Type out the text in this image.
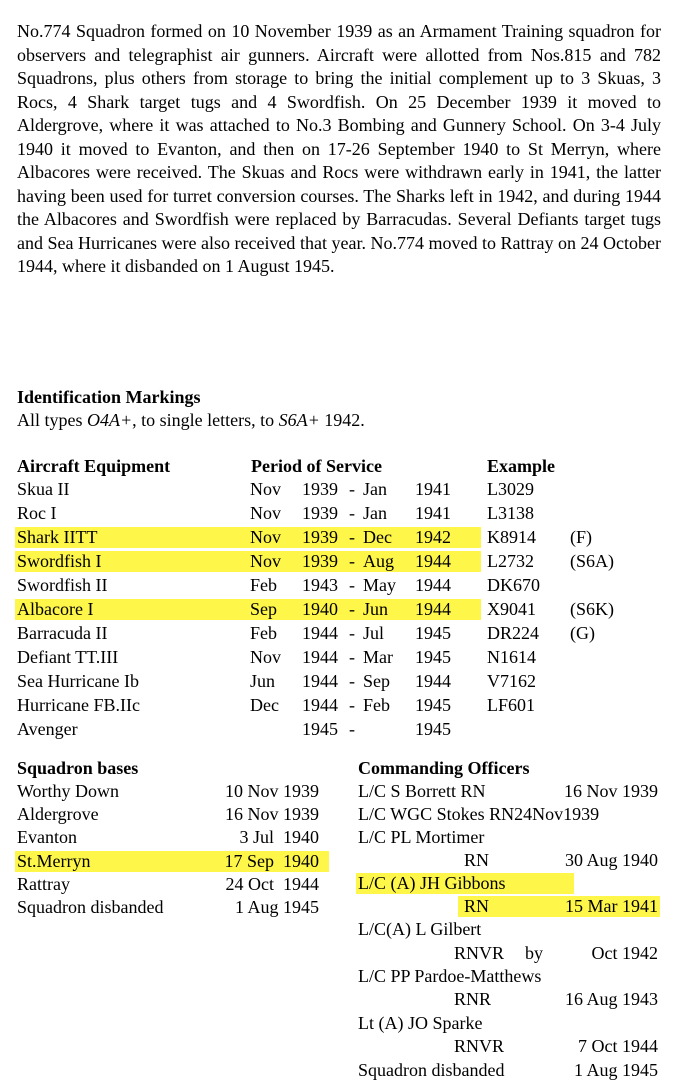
No.774 Squadron formed on 10 November 1939 as an Armament Training squadron for observers and telegraphist air gunners. Aircraft were allotted from Nos.815 and 782 Squadrons, plus others from storage to bring the initial complement up to 3 Skuas, 3 Rocs, 4 Shark target tugs and 4 Swordfish. On 25 December 1939 it moved to Aldergrove, where it was attached to No.3 Bombing and Gunnery School. On 3-4 July 1940 it moved to Evanton, and then on 17-26 September 1940 to St Merryn, where Albacores were received. The Skuas and Rocs were withdrawn early in 1941, the latter having been used for turret conversion courses. The Sharks left in 1942, and during 1944 the Albacores and Swordfish were replaced by Barracudas. Several Defiants target tugs and Sea Hurricanes were also received that year. No.774 moved to Rattray on 24 October 1944, where it disbanded on 1 August 1945.

Identification Markings
All types O4A+, to single letters, to S6A+ 1942.
Aircraft Equipment	Period of Service	Example
Skua II	Nov 1939 Jan 1941 L3029
-
Roc I	Nov 1939 Jan 1941 L3138
-
Shark IITT	Nov 1939 Dec 1942 K8914 (F)
-
Swordfish I	Nov 1939 Aug 1944 L2732 (S6A)
-
Swordfish II	Feb 1943 May 1944 DK670
-
Albacore I	Sep 1940 Jun 1944 X9041 (S6K)
-
Barracuda II	Feb 1944 Jul 1945 DR224 (G)
-
Defiant TT.III	Nov 1944 Mar 1945 N1614
-
Sea Hurricane Ib	Jun 1944 Sep 1944 V7162
-
Hurricane FB.IIc	Dec 1944 Feb 1945 LF601
-
Avenger	1945	1945
-
Squadron bases
Worthy Down	10 Nov 1939
Aldergrove	16 Nov 1939
Evanton	3 Jul  1940
St.Merryn	17 Sep  1940
Rattray	24 Oct  1944
Squadron disbanded	1 Aug 1945
Commanding Officers
L/C S Borrett RN	16 Nov 1939
L/C WGC Stokes RN24Nov1939
L/C PL Mortimer
RN	30 Aug 1940
L/C (A) JH Gibbons
RN	15 Mar 1941
L/C(A) L Gilbert
RNVR by	Oct 1942
L/C PP Pardoe-Matthews
RNR	16 Aug 1943
Lt (A) JO Sparke
RNVR	7 Oct 1944
Squadron disbanded	1 Aug 1945
